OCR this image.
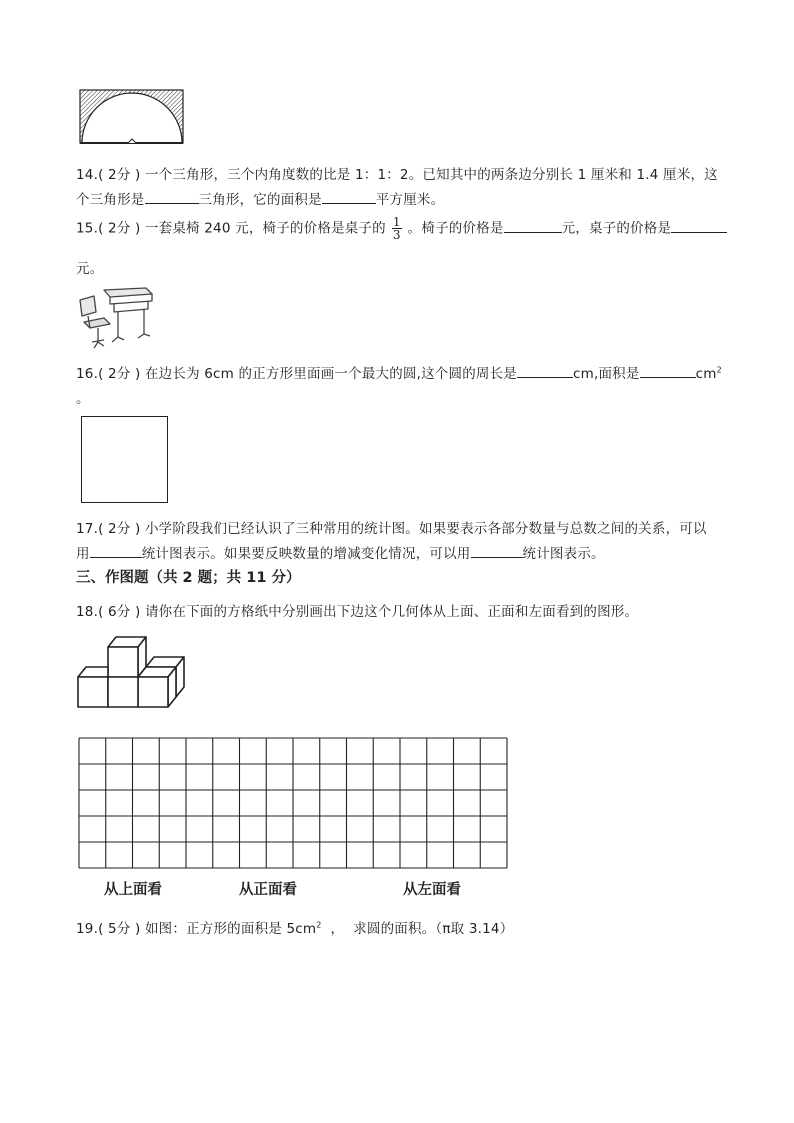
14.( 2分 ) 一个三角形，三个内角度数的比是 1：1：2。已知其中的两条边分别长 1 厘米和 1.4 厘米，这
个三角形是	三角形，它的面积是	平方厘米。
15.( 2分 ) 一套桌椅 240 元，椅子的价格是桌子的 $\frac{1}{3}$ 。椅子的价格是	元，桌子的价格是
元。
16.( 2分 ) 在边长为 6cm 的正方形里面画一个最大的圆,这个圆的周长是	cm,面积是	$cm^2$
。
17.( 2分 ) 小学阶段我们已经认识了三种常用的统计图。如果要表示各部分数量与总数之间的关系，可以
用	统计图表示。如果要反映数量的增减变化情况，可以用	统计图表示。
三、作图题（共 2 题；共 11 分）
18.( 6分 ) 请你在下面的方格纸中分别画出下边这个几何体从上面、正面和左面看到的图形。
从上面看	从正面看	从左面看
19.( 5分 ) 如图：正方形的面积是 $5cm^2$  ，  求圆的面积。（π取 3.14）
